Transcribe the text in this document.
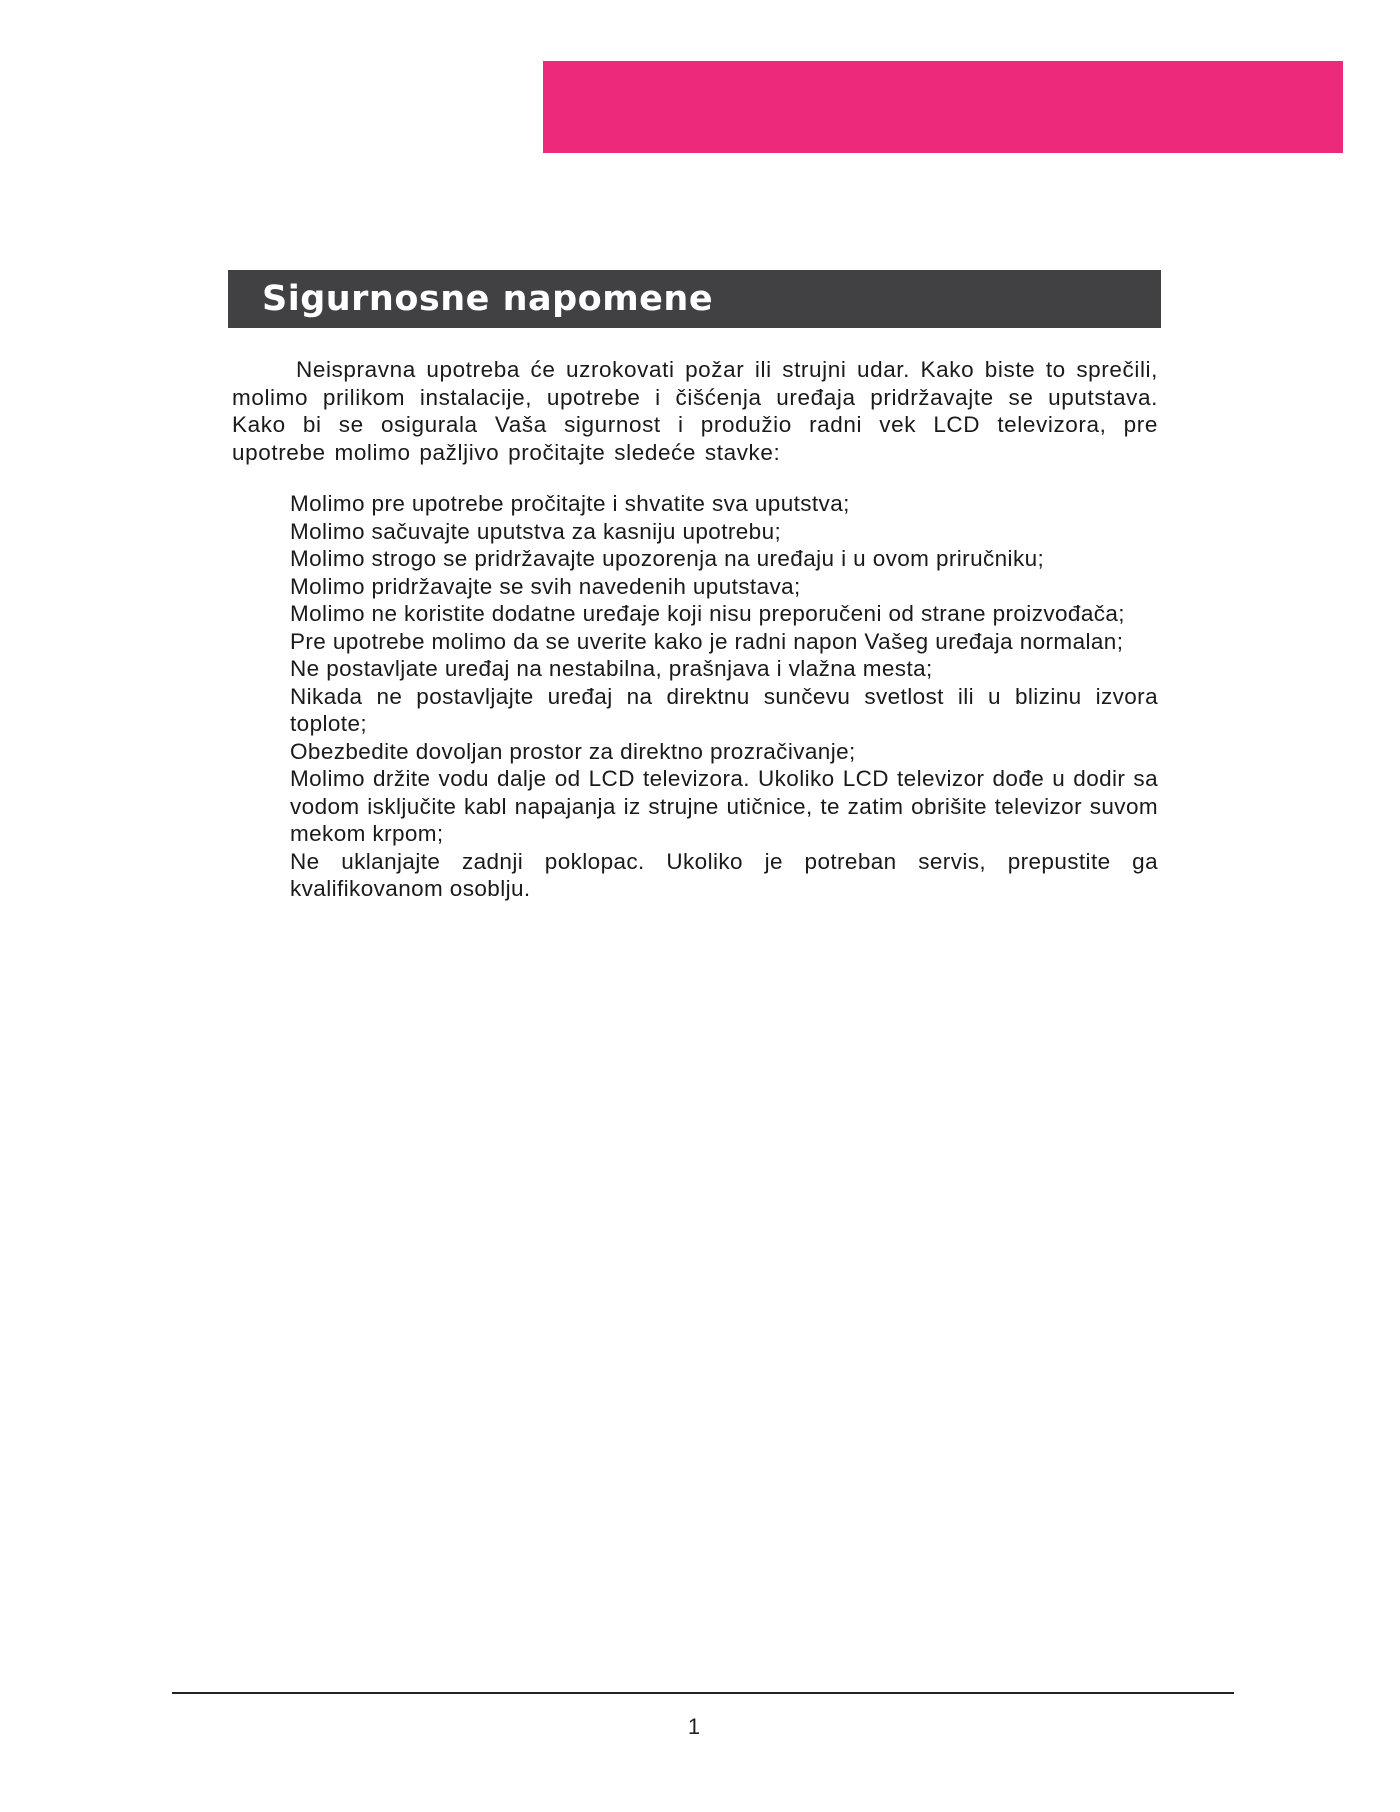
Sigurnosne napomene

Neispravna upotreba će uzrokovati požar ili strujni udar. Kako biste to sprečili, molimo prilikom instalacije, upotrebe i čišćenja uređaja pridržavajte se uputstava. Kako bi se osigurala Vaša sigurnost i produžio radni vek LCD televizora, pre upotrebe molimo pažljivo pročitajte sledeće stavke:

Molimo pre upotrebe pročitajte i shvatite sva uputstva;
Molimo sačuvajte uputstva za kasniju upotrebu;
Molimo strogo se pridržavajte upozorenja na uređaju i u ovom priručniku;
Molimo pridržavajte se svih navedenih uputstava;
Molimo ne koristite dodatne uređaje koji nisu preporučeni od strane proizvođača;
Pre upotrebe molimo da se uverite kako je radni napon Vašeg uređaja normalan;
Ne postavljate uređaj na nestabilna, prašnjava i vlažna mesta;
Nikada ne postavljajte uređaj na direktnu sunčevu svetlost ili u blizinu izvora toplote;
Obezbedite dovoljan prostor za direktno prozračivanje;
Molimo držite vodu dalje od LCD televizora. Ukoliko LCD televizor dođe u dodir sa vodom isključite kabl napajanja iz strujne utičnice, te zatim obrišite televizor suvom mekom krpom;
Ne uklanjajte zadnji poklopac. Ukoliko je potreban servis, prepustite ga kvalifikovanom osoblju.
1
